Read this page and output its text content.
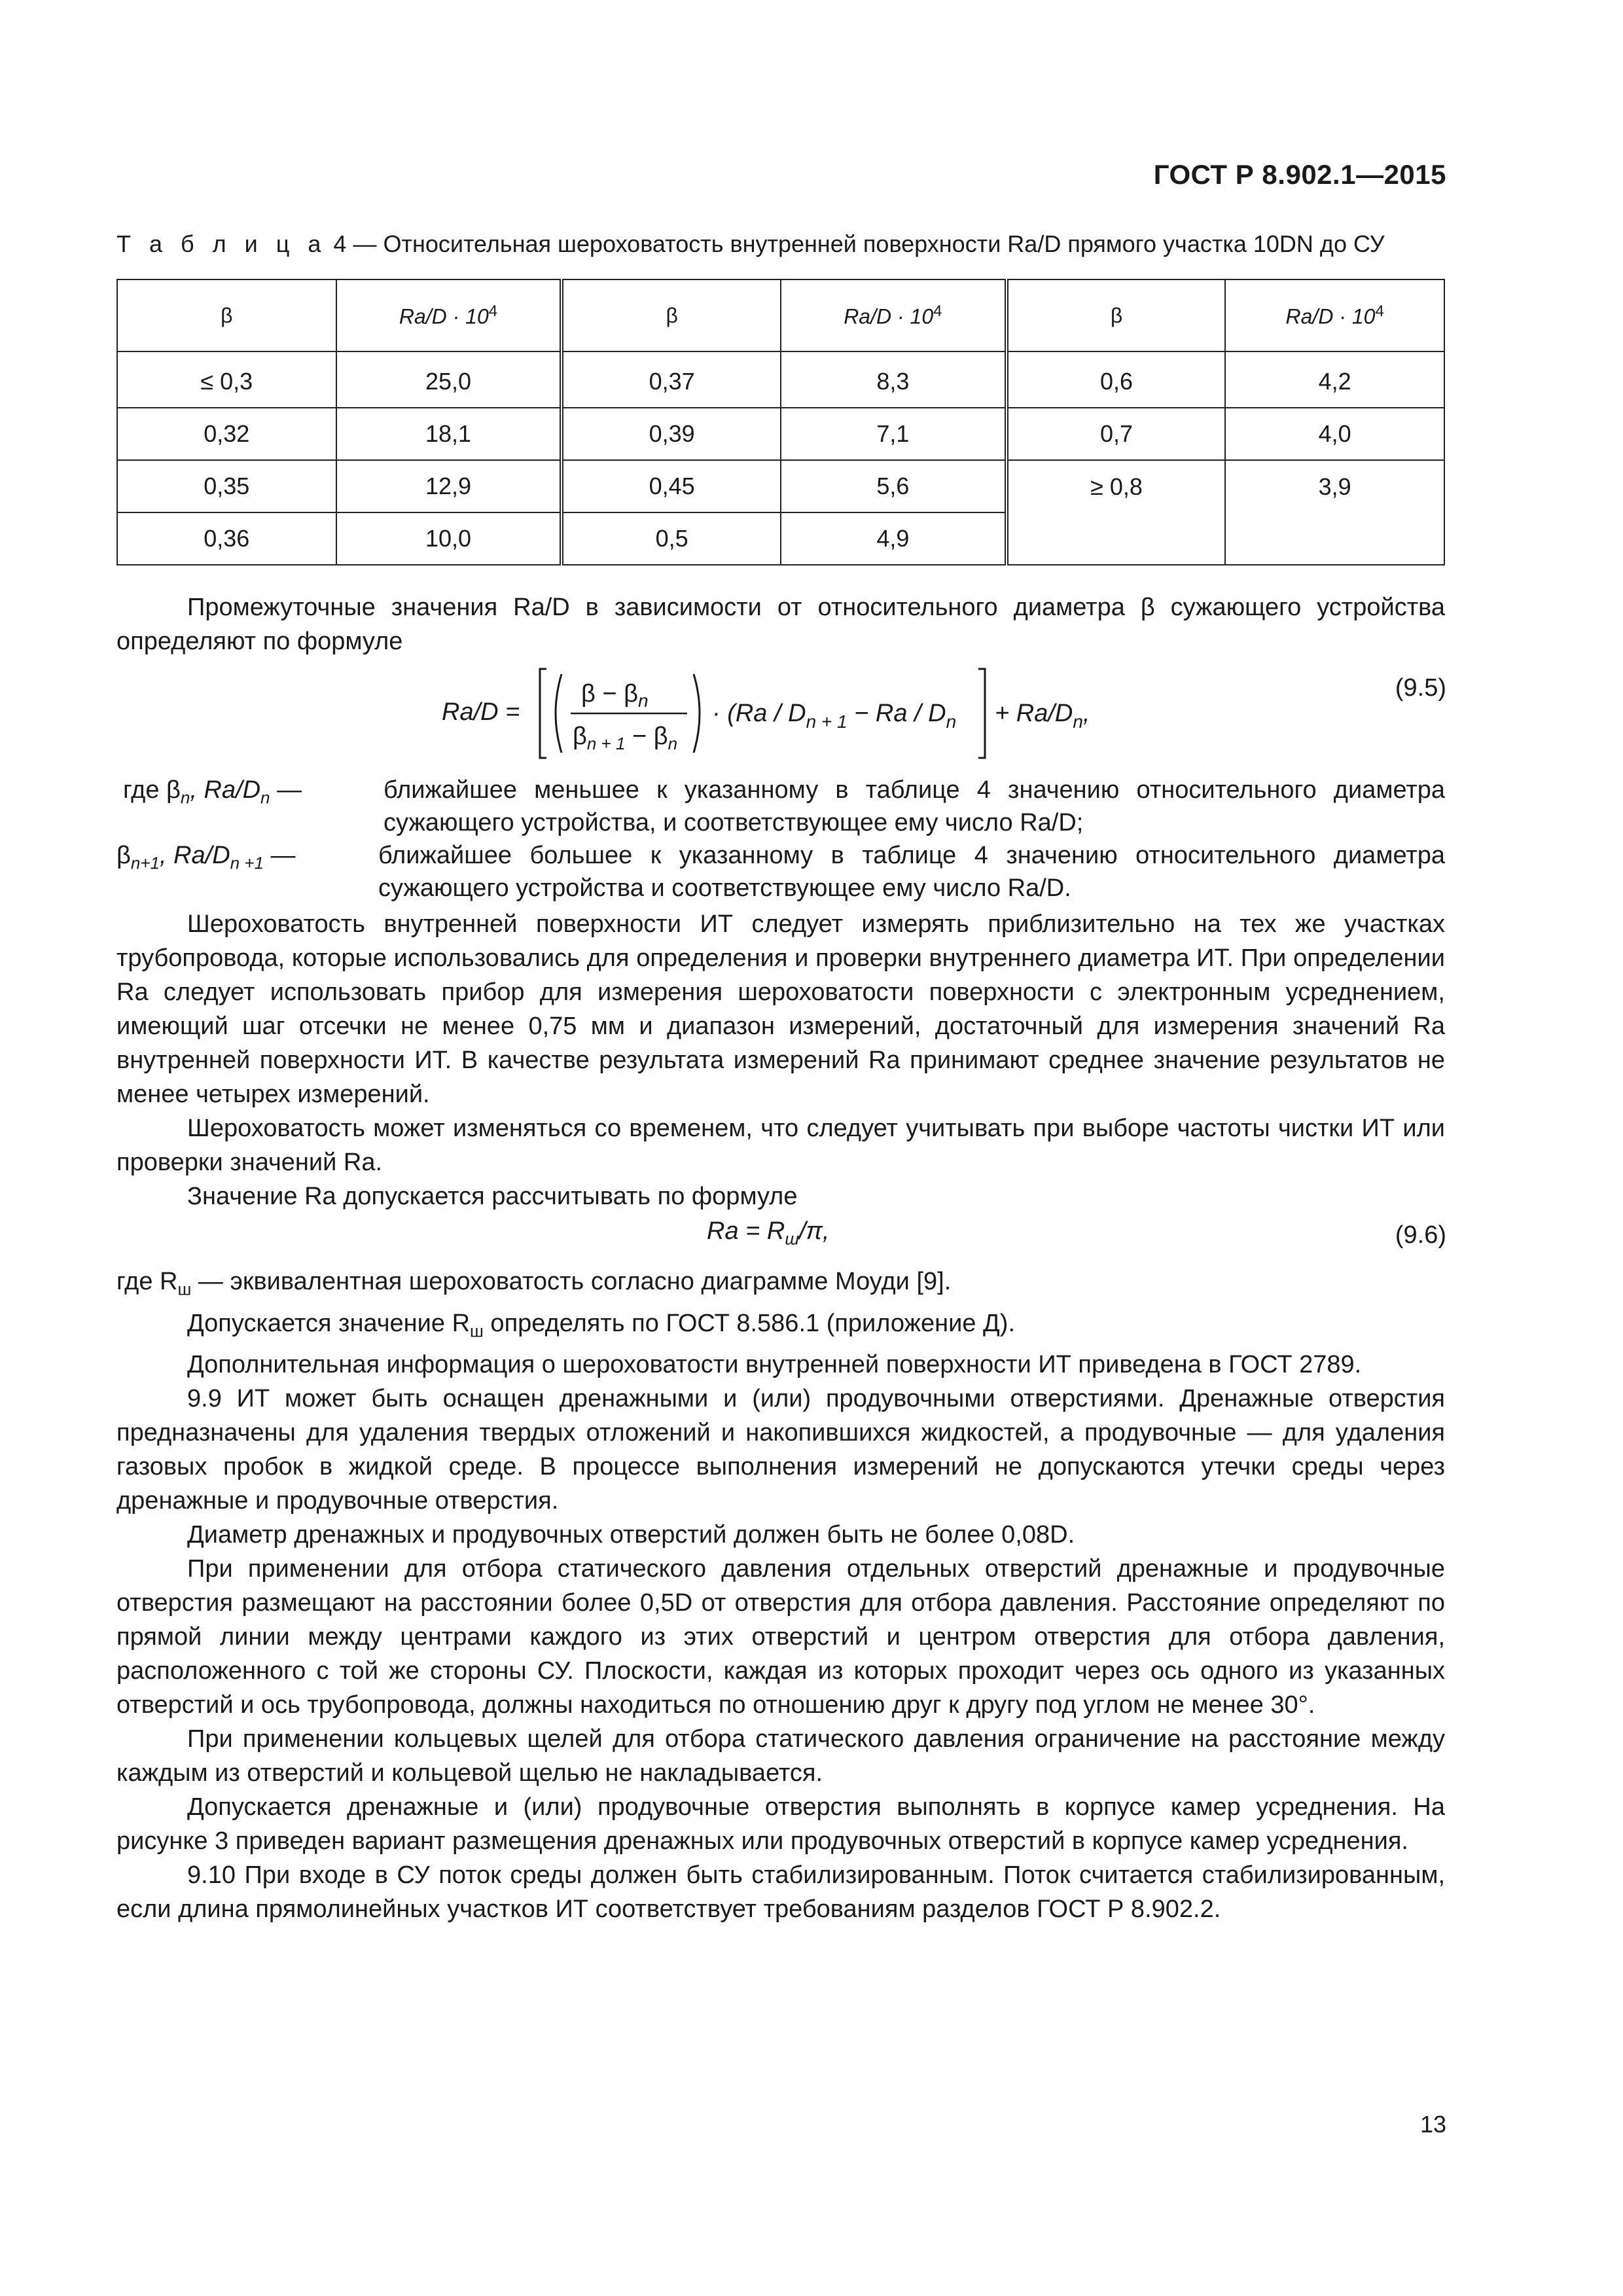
ГОСТ Р 8.902.1—2015
Т а б л и ц а 4 — Относительная шероховатость внутренней поверхности Ra/D прямого участка 10DN до СУ
β	$Ra/D \cdot 10^4$	β	$Ra/D \cdot 10^4$	β	$Ra/D \cdot 10^4$
≤ 0,3	25,0	0,37	8,3	0,6	4,2
0,32	18,1	0,39	7,1	0,7	4,0
0,35	12,9	0,45	5,6	≥ 0,8	3,9
0,36	10,0	0,5	4,9		

Промежуточные значения Ra/D в зависимости от относительного диаметра β сужающего устройства определяют по формуле

Ra/D =
$\beta - \beta_n$
$\beta_{n + 1} - \beta_n$
· ($Ra / D_{n + 1} - Ra / D_n + Ra/D_n$,
(9.5)
где $\beta_n$, $Ra/D_n$ —	ближайшее меньшее к указанному в таблице 4 значению относительного диаметра сужающего устройства, и соответствующее ему число Ra/D;
$\beta_{n+1}$, $Ra/D_{n +1}$ —	ближайшее большее к указанному в таблице 4 значению относительного диаметра сужающего устройства и соответствующее ему число Ra/D.

Шероховатость внутренней поверхности ИТ следует измерять приблизительно на тех же участках трубопровода, которые использовались для определения и проверки внутреннего диаметра ИТ. При определении Ra следует использовать прибор для измерения шероховатости поверхности с электронным усреднением, имеющий шаг отсечки не менее 0,75 мм и диапазон измерений, достаточный для измерения значений Ra внутренней поверхности ИТ. В качестве результата измерений Ra принимают среднее значение результатов не менее четырех измерений.

Шероховатость может изменяться со временем, что следует учитывать при выборе частоты чистки ИТ или проверки значений Ra.

Значение Ra допускается рассчитывать по формуле

$Ra = R_ш/\pi$,	(9.6)

где $R_ш$ — эквивалентная шероховатость согласно диаграмме Моуди [9].

Допускается значение $R_ш$ определять по ГОСТ 8.586.1 (приложение Д).

Дополнительная информация о шероховатости внутренней поверхности ИТ приведена в ГОСТ 2789.

9.9 ИТ может быть оснащен дренажными и (или) продувочными отверстиями. Дренажные отверстия предназначены для удаления твердых отложений и накопившихся жидкостей, а продувочные — для удаления газовых пробок в жидкой среде. В процессе выполнения измерений не допускаются утечки среды через дренажные и продувочные отверстия.

Диаметр дренажных и продувочных отверстий должен быть не более 0,08D.

При применении для отбора статического давления отдельных отверстий дренажные и продувочные отверстия размещают на расстоянии более 0,5D от отверстия для отбора давления. Расстояние определяют по прямой линии между центрами каждого из этих отверстий и центром отверстия для отбора давления, расположенного с той же стороны СУ. Плоскости, каждая из которых проходит через ось одного из указанных отверстий и ось трубопровода, должны находиться по отношению друг к другу под углом не менее 30°.

При применении кольцевых щелей для отбора статического давления ограничение на расстояние между каждым из отверстий и кольцевой щелью не накладывается.

Допускается дренажные и (или) продувочные отверстия выполнять в корпусе камер усреднения. На рисунке 3 приведен вариант размещения дренажных или продувочных отверстий в корпусе камер усреднения.

9.10 При входе в СУ поток среды должен быть стабилизированным. Поток считается стабилизированным, если длина прямолинейных участков ИТ соответствует требованиям разделов ГОСТ Р 8.902.2.

13
